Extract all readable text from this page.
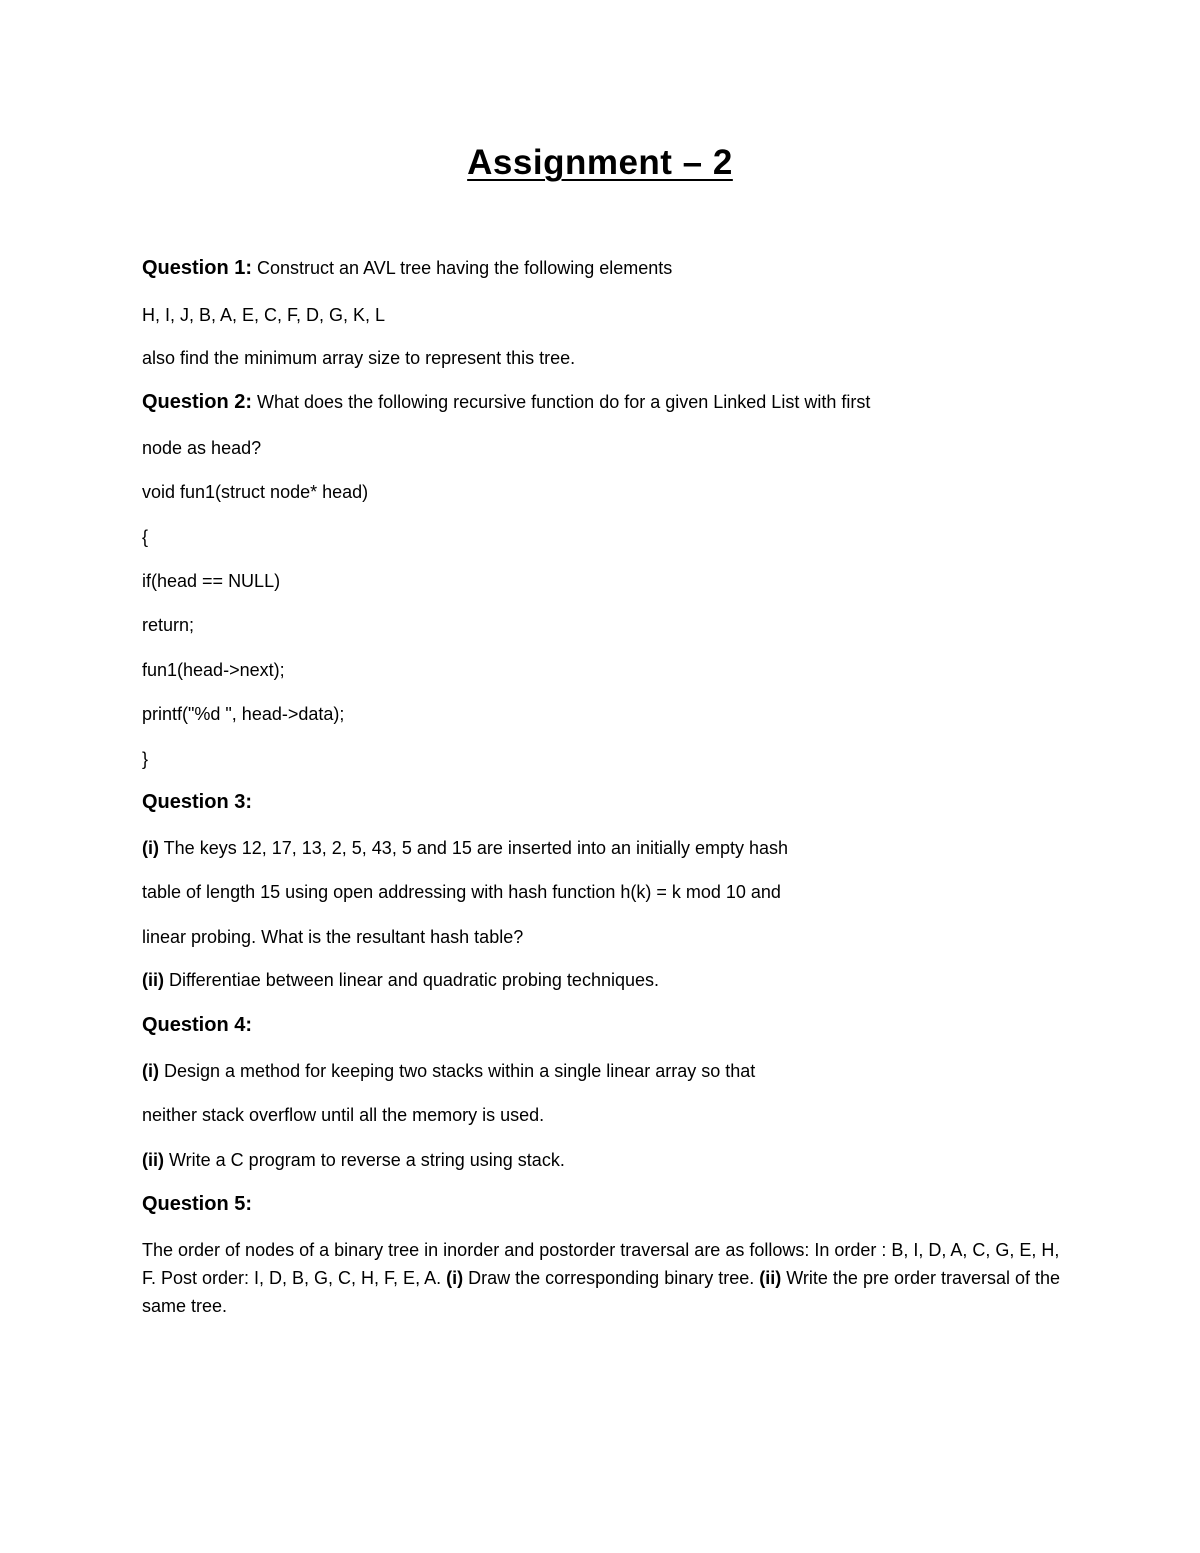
Assignment – 2
Question 1: Construct an AVL tree having the following elements
H, I, J, B, A, E, C, F, D, G, K, L
also find the minimum array size to represent this tree.
Question 2: What does the following recursive function do for a given Linked List with first
node as head?
void fun1(struct node* head)
{
if(head == NULL)
return;
fun1(head->next);
printf("%d ", head->data);
}
Question 3:
(i) The keys 12, 17, 13, 2, 5, 43, 5 and 15 are inserted into an initially empty hash
table of length 15 using open addressing with hash function h(k) = k mod 10 and
linear probing. What is the resultant hash table?
(ii) Differentiae between linear and quadratic probing techniques.
Question 4:
(i) Design a method for keeping two stacks within a single linear array so that
neither stack overflow until all the memory is used.
(ii) Write a C program to reverse a string using stack.
Question 5:
The order of nodes of a binary tree in inorder and postorder traversal are as follows: In order : B, I, D, A, C, G, E, H, F. Post order: I, D, B, G, C, H, F, E, A. (i) Draw the corresponding binary tree. (ii) Write the pre order traversal of the same tree.
